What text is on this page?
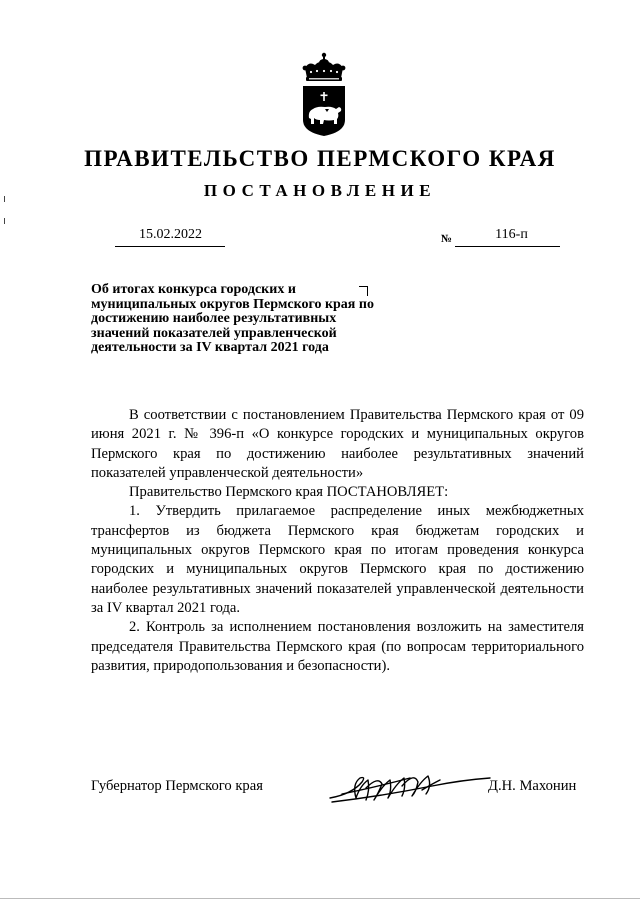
ПРАВИТЕЛЬСТВО ПЕРМСКОГО КРАЯ
ПОСТАНОВЛЕНИЕ
15.02.2022	№	116-п
Об итогах конкурса городских и муниципальных округов Пермского края по достижению наиболее результативных значений показателей управленческой деятельности за IV квартал 2021 года

В соответствии с постановлением Правительства Пермского края от 09 июня 2021 г. № 396-п «О конкурсе городских и муниципальных округов Пермского края по достижению наиболее результативных значений показателей управленческой деятельности»

Правительство Пермского края ПОСТАНОВЛЯЕТ:

1. Утвердить прилагаемое распределение иных межбюджетных трансфертов из бюджета Пермского края бюджетам городских и муниципальных округов Пермского края по итогам проведения конкурса городских и муниципальных округов Пермского края по достижению наиболее результативных значений показателей управленческой деятельности за IV квартал 2021 года.

2. Контроль за исполнением постановления возложить на заместителя председателя Правительства Пермского края (по вопросам территориального развития, природопользования и безопасности).

Губернатор Пермского края	Д.Н. Махонин
